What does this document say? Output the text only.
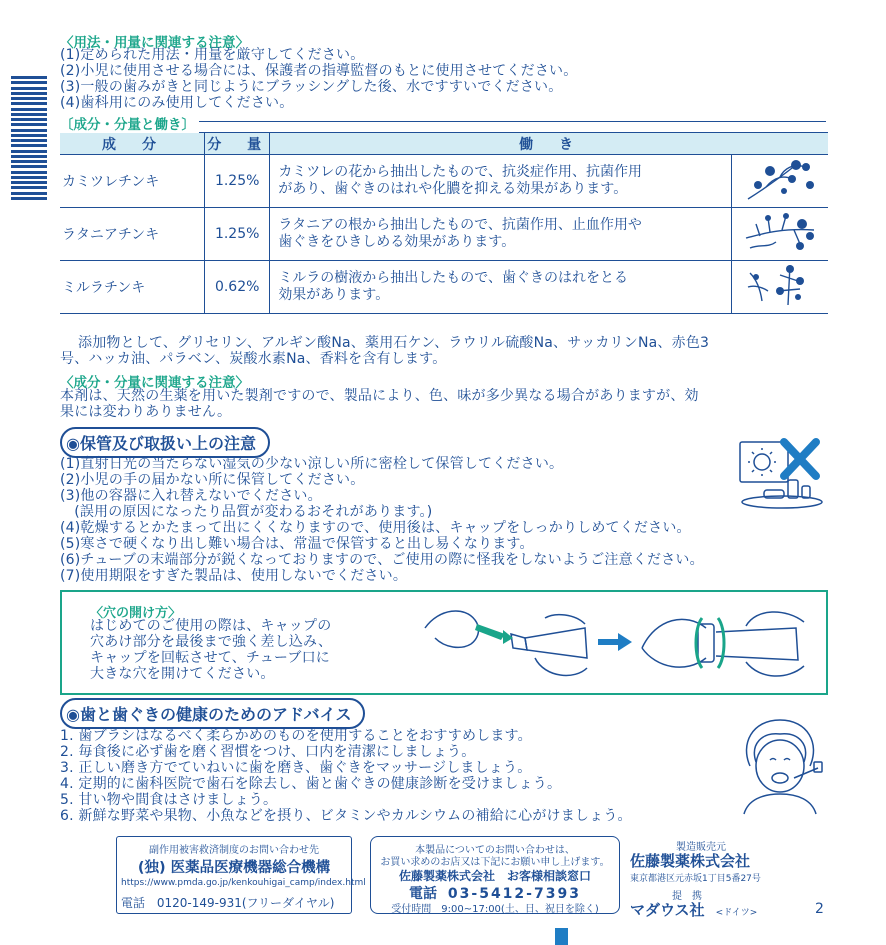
〈用法・用量に関連する注意〉
(1)定められた用法・用量を厳守してください。
(2)小児に使用させる場合には、保護者の指導監督のもとに使用させてください。
(3)一般の歯みがきと同じようにブラッシングした後、水ですすいでください。
(4)歯科用にのみ使用してください。
〔成分・分量と働き〕
成　分	分　量	働　き	
カミツレチンキ	1.25%	カミツレの花から抽出したもので、抗炎症作用、抗菌作用
があり、歯ぐきのはれや化膿を抑える効果があります。

ラタニアチンキ	1.25%	ラタニアの根から抽出したもので、抗菌作用、止血作用や
歯ぐきをひきしめる効果があります。

ミルラチンキ	0.62%	ミルラの樹液から抽出したもので、歯ぐきのはれをとる
効果があります。

添加物として、グリセリン、アルギン酸Na、薬用石ケン、ラウリル硫酸Na、サッカリンNa、赤色3
号、ハッカ油、パラベン、炭酸水素Na、香料を含有します。
〈成分・分量に関連する注意〉
本剤は、天然の生薬を用いた製剤ですので、製品により、色、味が多少異なる場合がありますが、効
果には変わりありません。
◉保管及び取扱い上の注意
(1)直射日光の当たらない湿気の少ない涼しい所に密栓して保管してください。
(2)小児の手の届かない所に保管してください。
(3)他の容器に入れ替えないでください。
　(誤用の原因になったり品質が変わるおそれがあります。)
(4)乾燥するとかたまって出にくくなりますので、使用後は、キャップをしっかりしめてください。
(5)寒さで硬くなり出し難い場合は、常温で保管すると出し易くなります。
(6)チューブの末端部分が鋭くなっておりますので、ご使用の際に怪我をしないようご注意ください。
(7)使用期限をすぎた製品は、使用しないでください。
〈穴の開け方〉
はじめてのご使用の際は、キャップの
穴あけ部分を最後まで強く差し込み、
キャップを回転させて、チューブ口に
大きな穴を開けてください。
◉歯と歯ぐきの健康のためのアドバイス
1. 歯ブラシはなるべく柔らかめのものを使用することをおすすめします。
2. 毎食後に必ず歯を磨く習慣をつけ、口内を清潔にしましょう。
3. 正しい磨き方でていねいに歯を磨き、歯ぐきをマッサージしましょう。
4. 定期的に歯科医院で歯石を除去し、歯と歯ぐきの健康診断を受けましょう。
5. 甘い物や間食はさけましょう。
6. 新鮮な野菜や果物、小魚などを摂り、ビタミンやカルシウムの補給に心がけましょう。
副作用被害救済制度のお問い合わせ先
(独) 医薬品医療機器総合機構
https://www.pmda.go.jp/kenkouhigai_camp/index.html
電話 0120-149-931(フリーダイヤル)
本製品についてのお問い合わせは、
お買い求めのお店又は下記にお願い申し上げます。
佐藤製薬株式会社　お客様相談窓口
電話 03-5412-7393
受付時間　9:00~17:00(土、日、祝日を除く)
製造販売元
佐藤製薬株式会社
東京都港区元赤坂1丁目5番27号
提　携
マダウス社 <ドイツ>	2
